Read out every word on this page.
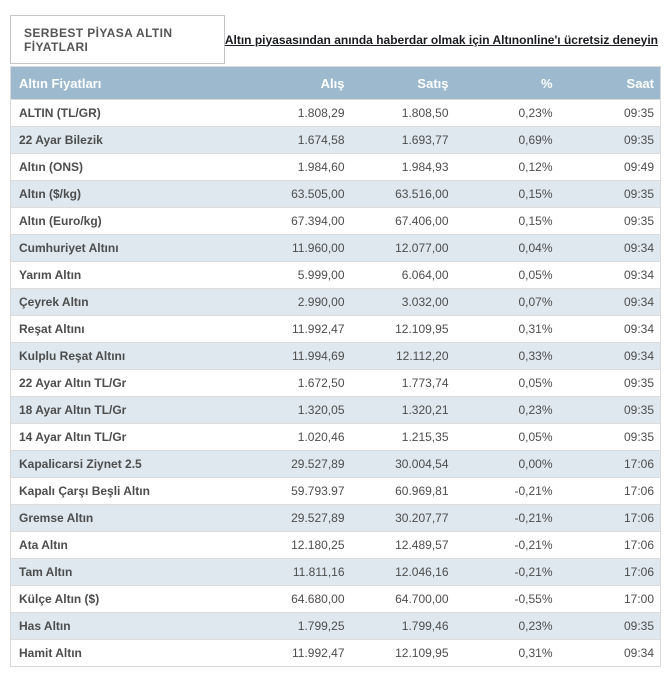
SERBEST PİYASA ALTIN FİYATLARI
Altın piyasasından anında haberdar olmak için Altınonline'ı ücretsiz deneyin
Altın Fiyatları	Alış	Satış	%	Saat
ALTIN (TL/GR)	1.808,29	1.808,50	0,23%	09:35
22 Ayar Bilezik	1.674,58	1.693,77	0,69%	09:35
Altın (ONS)	1.984,60	1.984,93	0,12%	09:49
Altın ($/kg)	63.505,00	63.516,00	0,15%	09:35
Altın (Euro/kg)	67.394,00	67.406,00	0,15%	09:35
Cumhuriyet Altını	11.960,00	12.077,00	0,04%	09:34
Yarım Altın	5.999,00	6.064,00	0,05%	09:34
Çeyrek Altın	2.990,00	3.032,00	0,07%	09:34
Reşat Altını	11.992,47	12.109,95	0,31%	09:34
Kulplu Reşat Altını	11.994,69	12.112,20	0,33%	09:34
22 Ayar Altın TL/Gr	1.672,50	1.773,74	0,05%	09:35
18 Ayar Altın TL/Gr	1.320,05	1.320,21	0,23%	09:35
14 Ayar Altın TL/Gr	1.020,46	1.215,35	0,05%	09:35
Kapalicarsi Ziynet 2.5	29.527,89	30.004,54	0,00%	17:06
Kapalı Çarşı Beşli Altın	59.793.97	60.969,81	-0,21%	17:06
Gremse Altın	29.527,89	30.207,77	-0,21%	17:06
Ata Altın	12.180,25	12.489,57	-0,21%	17:06
Tam Altın	11.811,16	12.046,16	-0,21%	17:06
Külçe Altın ($)	64.680,00	64.700,00	-0,55%	17:00
Has Altın	1.799,25	1.799,46	0,23%	09:35
Hamit Altın	11.992,47	12.109,95	0,31%	09:34
